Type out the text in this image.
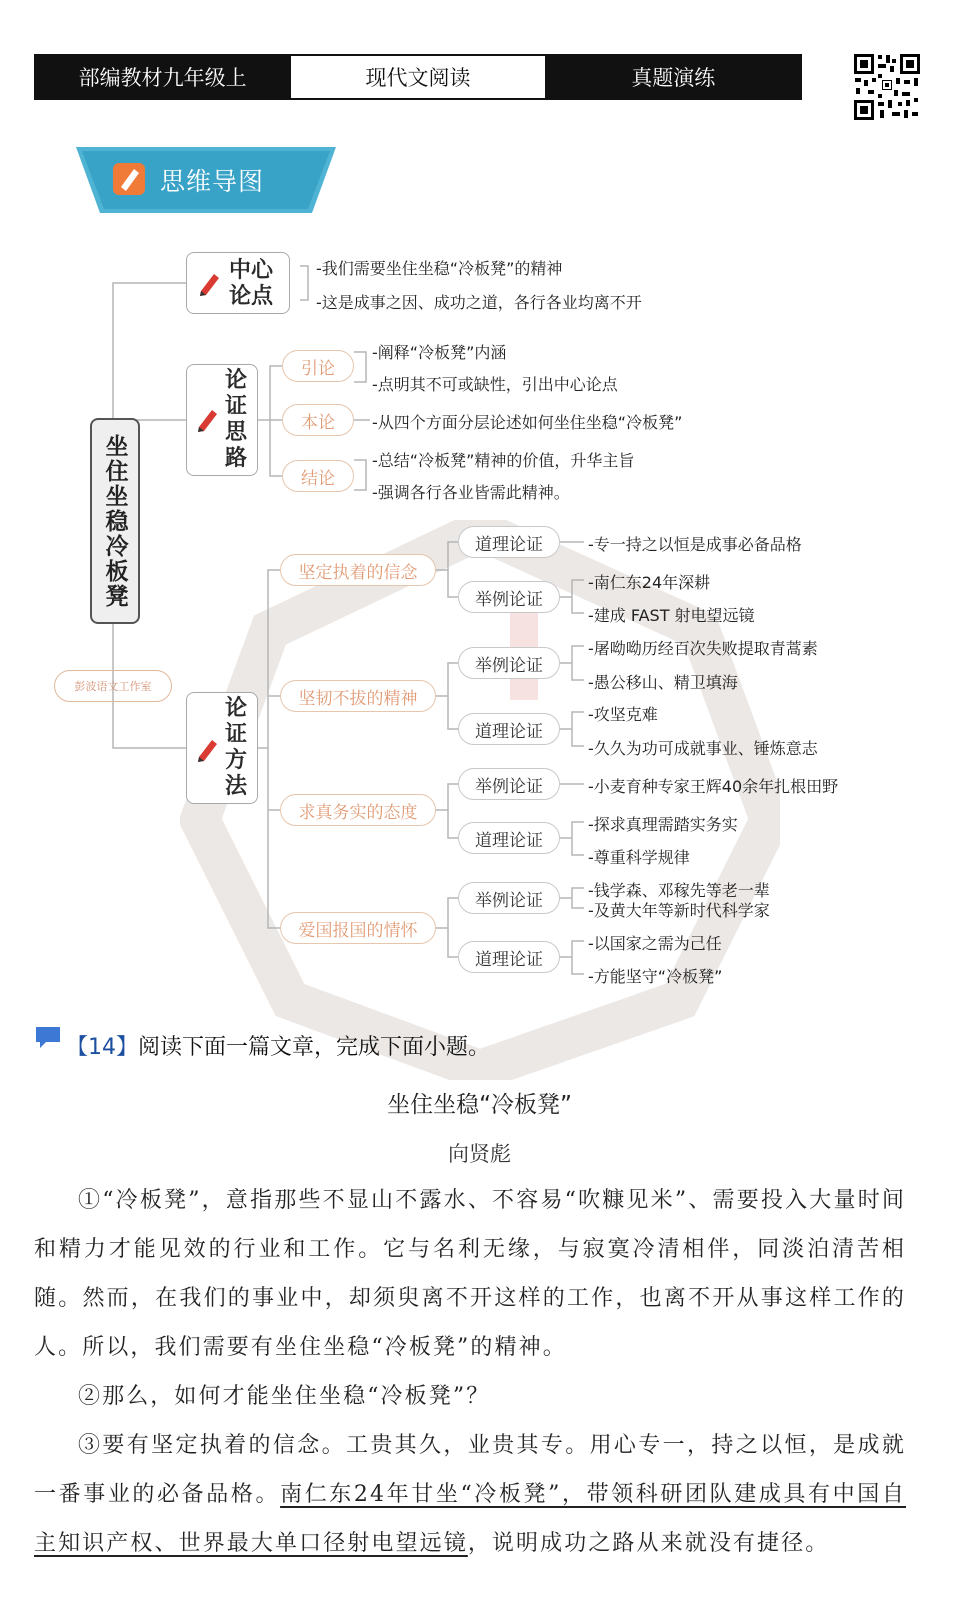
部编教材九年级上	现代文阅读	真题演练
思维导图
坐住坐稳冷板凳
彭波语文工作室
中心论点
-我们需要坐住坐稳“冷板凳”的精神
-这是成事之因、成功之道，各行各业均离不开
论证思路
引论
本论
结论
-阐释“冷板凳”内涵
-点明其不可或缺性，引出中心论点
-从四个方面分层论述如何坐住坐稳“冷板凳”
-总结“冷板凳”精神的价值，升华主旨
-强调各行各业皆需此精神。
论证方法
坚定执着的信念
坚韧不拔的精神
求真务实的态度
爱国报国的情怀
道理论证
举例论证
举例论证
道理论证
举例论证
道理论证
举例论证
道理论证
-专一持之以恒是成事必备品格
-南仁东24年深耕
-建成 FAST 射电望远镜
-屠呦呦历经百次失败提取青蒿素
-愚公移山、精卫填海
-攻坚克难
-久久为功可成就事业、锤炼意志
-小麦育种专家王辉40余年扎根田野
-探求真理需踏实务实
-尊重科学规律
-钱学森、邓稼先等老一辈
-及黄大年等新时代科学家
-以国家之需为己任
-方能坚守“冷板凳”
【14】阅读下面一篇文章，完成下面小题。
坐住坐稳“冷板凳”
向贤彪
①“冷板凳”，意指那些不显山不露水、不容易“吹糠见米”、需要投入大量时间和精力才能见效的行业和工作。它与名利无缘，与寂寞冷清相伴，同淡泊清苦相随。然而，在我们的事业中，却须臾离不开这样的工作，也离不开从事这样工作的人。所以，我们需要有坐住坐稳“冷板凳”的精神。
②那么，如何才能坐住坐稳“冷板凳”？
③要有坚定执着的信念。工贵其久，业贵其专。用心专一，持之以恒，是成就一番事业的必备品格。南仁东24年甘坐“冷板凳”，带领科研团队建成具有中国自主知识产权、世界最大单口径射电望远镜，说明成功之路从来就没有捷径。
